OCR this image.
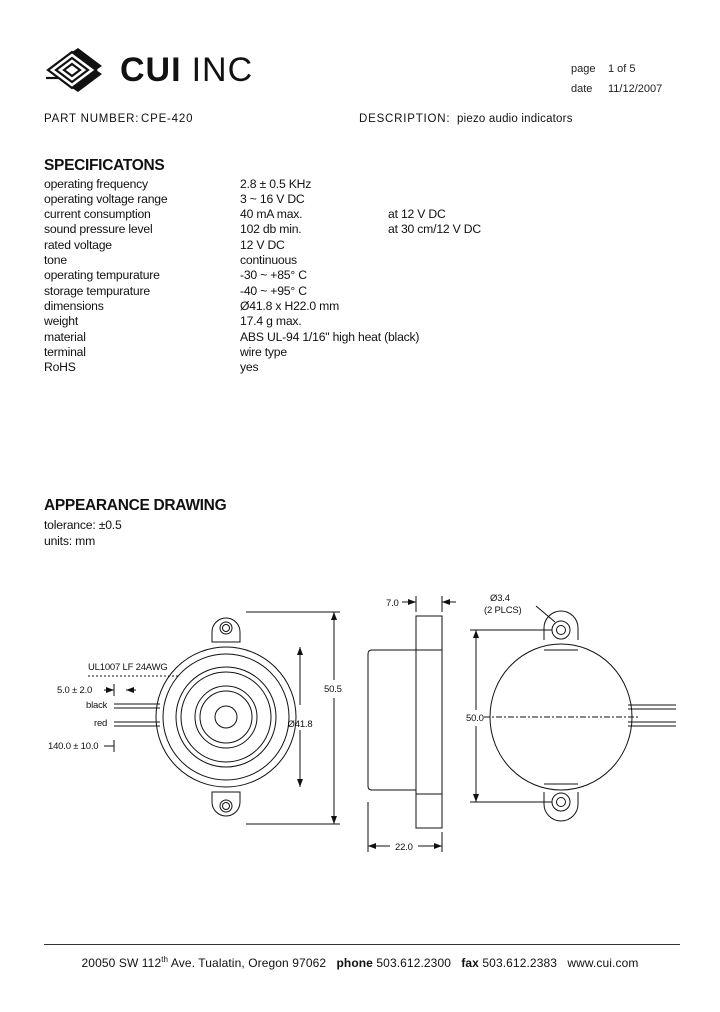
CUI INC	page 1 of 5
date 11/12/2007
PART NUMBER: CPE-420	DESCRIPTION: piezo audio indicators
SPECIFICATONS
operating frequency	2.8 ± 0.5 KHz
operating voltage range	3 ~ 16 V DC
current consumption	40 mA max.	at 12 V DC
sound pressure level	102 db min.	at 30 cm/12 V DC
rated voltage	12 V DC
tone	continuous
operating tempurature	-30 ~ +85° C
storage tempurature	-40 ~ +95° C
dimensions	Ø41.8 x H22.0 mm
weight	17.4 g max.
material	ABS UL-94 1/16" high heat (black)
terminal	wire type
RoHS	yes
APPEARANCE DRAWING
tolerance: ±0.5
units: mm
UL1007 LF 24AWG
5.0 ± 2.0
black
red
140.0 ± 10.0
50.5
Ø41.8
7.0
22.0
Ø3.4
(2 PLCS)
50.0
20050 SW 112th Ave. Tualatin, Oregon 97062 phone 503.612.2300 fax 503.612.2383 www.cui.com
